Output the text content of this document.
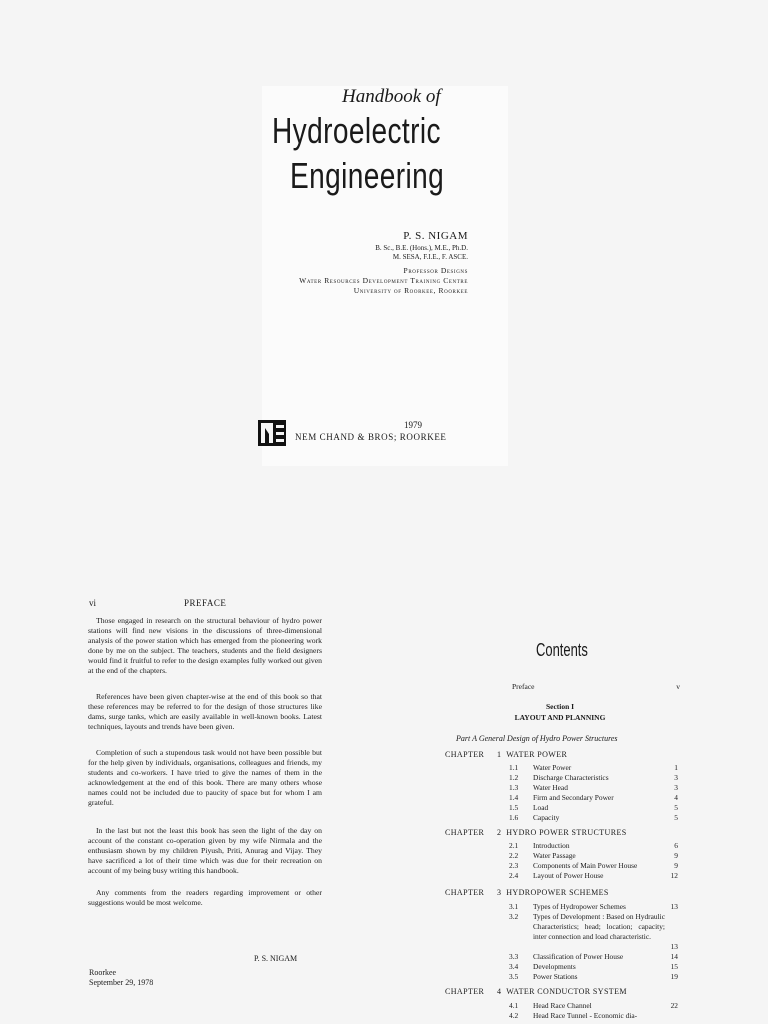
Handbook of
Hydroelectric
Engineering
P. S. NIGAM
B. Sc., B.E. (Hons.), M.E., Ph.D.
M. SESA, F.I.E., F. ASCE.
Professor Designs
Water Resources Development Training Centre
University of Roorkee, Roorkee
1979
NEM CHAND & BROS; ROORKEE
vi	PREFACE

Those engaged in research on the structural behaviour of hydro power stations will find new visions in the discussions of three-dimensional analysis of the power station which has emerged from the pioneering work done by me on the subject. The teachers, students and the field designers would find it fruitful to refer to the design examples fully worked out given at the end of the chapters.

References have been given chapter-wise at the end of this book so that these references may be referred to for the design of those structures like dams, surge tanks, which are easily available in well-known books. Latest techniques, layouts and trends have been given.

Completion of such a stupendous task would not have been possible but for the help given by individuals, organisations, colleagues and friends, my students and co-workers. I have tried to give the names of them in the acknowledgement at the end of this book. There are many others whose names could not be included due to paucity of space but for whom I am grateful.

In the last but not the least this book has seen the light of the day on account of the constant co-operation given by my wife Nirmala and the enthusiasm shown by my children Piyush, Priti, Anurag and Vijay. They have sacrificed a lot of their time which was due for their recreation on account of my being busy writing this handbook.

Any comments from the readers regarding improvement or other suggestions would be most welcome.

P. S. NIGAM
Roorkee
September 29, 1978
Contents
Preface	v
Section I
LAYOUT AND PLANNING
Part A General Design of Hydro Power Structures
CHAPTER 1 WATER POWER
1.1 Water Power	1
1.2 Discharge Characteristics	3
1.3 Water Head	3
1.4 Firm and Secondary Power	4
1.5 Load	5
1.6 Capacity	5
CHAPTER 2 HYDRO POWER STRUCTURES
2.1 Introduction	6
2.2 Water Passage	9
2.3 Components of Main Power House	9
2.4 Layout of Power House	12
CHAPTER 3 HYDROPOWER SCHEMES
3.1 Types of Hydropower Schemes	13
3.2 Types of Development : Based on Hydraulic Characteristics; head; location; capacity; inter connection and load characteristic.
13
3.3 Classification of Power House	14
3.4 Developments	15
3.5 Power Stations	19
CHAPTER 4 WATER CONDUCTOR SYSTEM
4.1 Head Race Channel	22
4.2 Head Race Tunnel - Economic dia-
